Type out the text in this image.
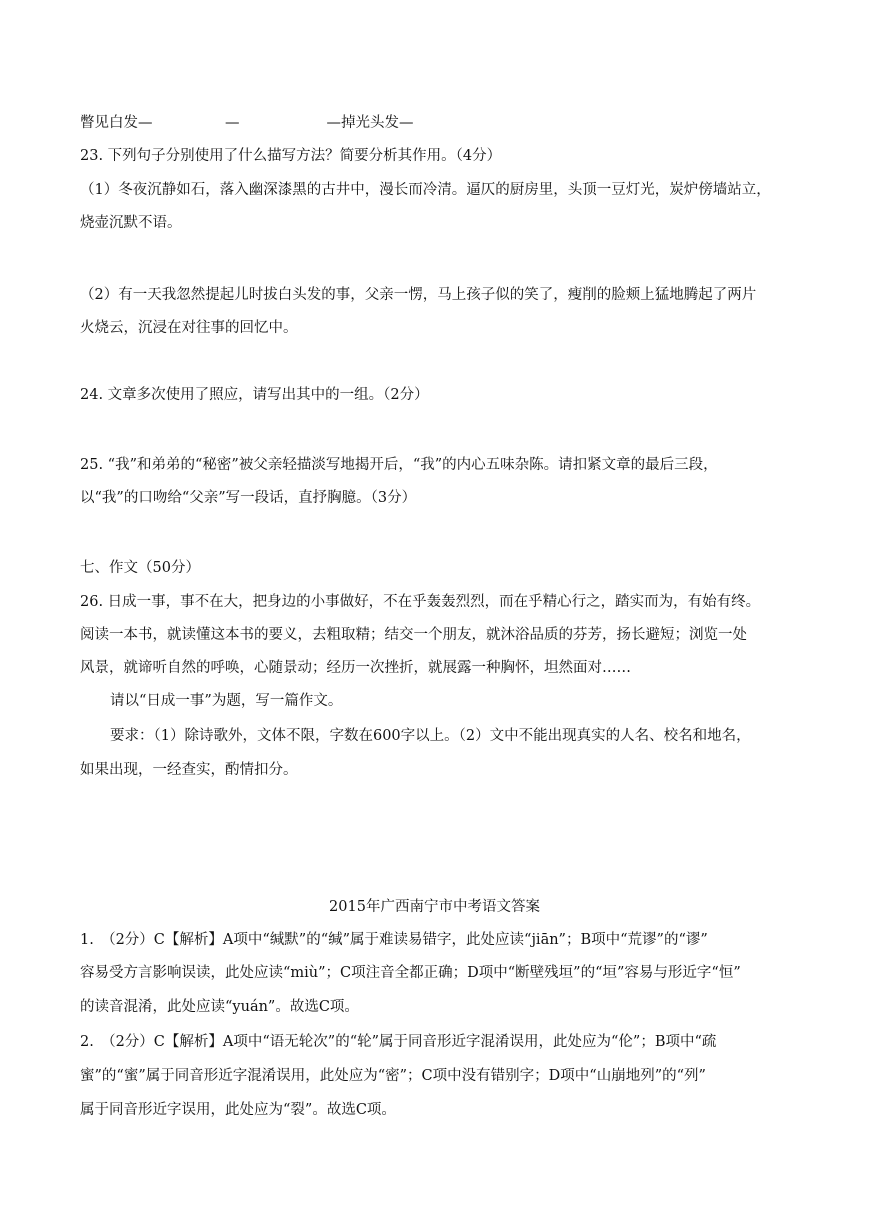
瞥见白发—　　　　　—　　　　　　—掉光头发—
23. 下列句子分别使用了什么描写方法？简要分析其作用。（4分）
（1）冬夜沉静如石，落入幽深漆黑的古井中，漫长而冷清。逼仄的厨房里，头顶一豆灯光，炭炉傍墙站立，
烧壶沉默不语。
（2）有一天我忽然提起儿时拔白头发的事，父亲一愣，马上孩子似的笑了，瘦削的脸颊上猛地腾起了两片
火烧云，沉浸在对往事的回忆中。
24. 文章多次使用了照应，请写出其中的一组。（2分）
25. “我”和弟弟的“秘密”被父亲轻描淡写地揭开后，“我”的内心五味杂陈。请扣紧文章的最后三段，
以“我”的口吻给“父亲”写一段话，直抒胸臆。（3分）
七、作文（50分）
26. 日成一事，事不在大，把身边的小事做好，不在乎轰轰烈烈，而在乎精心行之，踏实而为，有始有终。
阅读一本书，就读懂这本书的要义，去粗取精；结交一个朋友，就沐浴品质的芬芳，扬长避短；浏览一处
风景，就谛听自然的呼唤，心随景动；经历一次挫折，就展露一种胸怀，坦然面对……
请以“日成一事”为题，写一篇作文。
要求：（1）除诗歌外，文体不限，字数在600字以上。（2）文中不能出现真实的人名、校名和地名，
如果出现，一经查实，酌情扣分。
2015年广西南宁市中考语文答案
1.　（2分）C【解析】A项中“缄默”的“缄”属于难读易错字，此处应读“jiān”；B项中“荒谬”的“谬”
容易受方言影响误读，此处应读“miù”；C项注音全都正确；D项中“断壁残垣”的“垣”容易与形近字“恒”
的读音混淆，此处应读“yuán”。故选C项。
2.　（2分）C【解析】A项中“语无轮次”的“轮”属于同音形近字混淆误用，此处应为“伦”；B项中“疏
蜜”的“蜜”属于同音形近字混淆误用，此处应为“密”；C项中没有错别字；D项中“山崩地列”的“列”
属于同音形近字误用，此处应为“裂”。故选C项。
